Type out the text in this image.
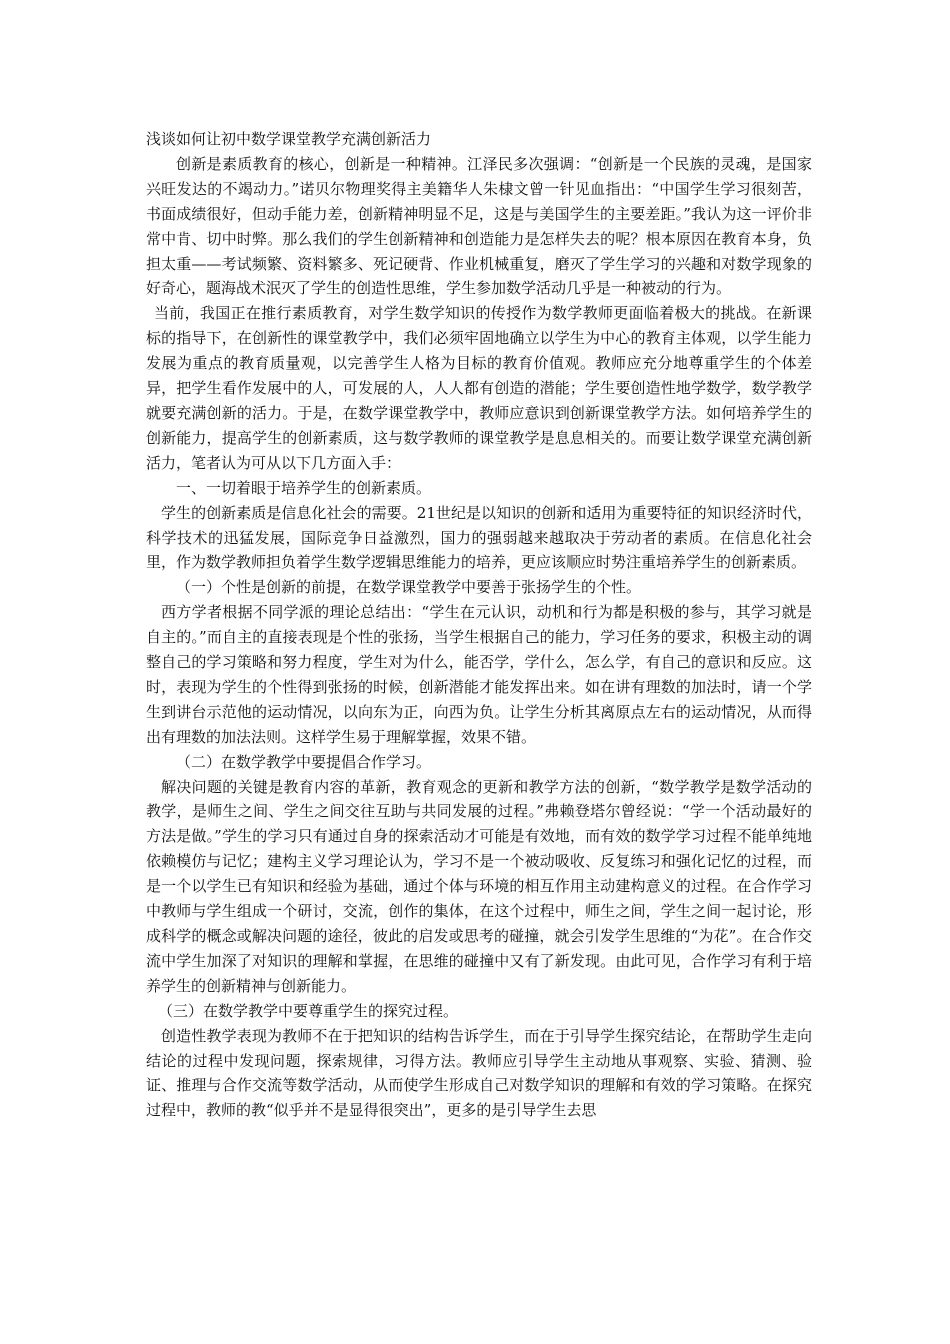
浅谈如何让初中数学课堂教学充满创新活力

创新是素质教育的核心，创新是一种精神。江泽民多次强调：“创新是一个民族的灵魂，是国家兴旺发达的不竭动力。”诺贝尔物理奖得主美籍华人朱棣文曾一针见血指出：“中国学生学习很刻苦，书面成绩很好，但动手能力差，创新精神明显不足，这是与美国学生的主要差距。”我认为这一评价非常中肯、切中时弊。那么我们的学生创新精神和创造能力是怎样失去的呢？根本原因在教育本身，负担太重——考试频繁、资料繁多、死记硬背、作业机械重复，磨灭了学生学习的兴趣和对数学现象的好奇心，题海战术泯灭了学生的创造性思维，学生参加数学活动几乎是一种被动的行为。

当前，我国正在推行素质教育，对学生数学知识的传授作为数学教师更面临着极大的挑战。在新课标的指导下，在创新性的课堂教学中，我们必须牢固地确立以学生为中心的教育主体观，以学生能力发展为重点的教育质量观，以完善学生人格为目标的教育价值观。教师应充分地尊重学生的个体差异，把学生看作发展中的人，可发展的人，人人都有创造的潜能；学生要创造性地学数学，数学教学就要充满创新的活力。于是，在数学课堂教学中，教师应意识到创新课堂教学方法。如何培养学生的创新能力，提高学生的创新素质，这与数学教师的课堂教学是息息相关的。而要让数学课堂充满创新活力，笔者认为可从以下几方面入手：

一、一切着眼于培养学生的创新素质。

学生的创新素质是信息化社会的需要。21世纪是以知识的创新和适用为重要特征的知识经济时代，科学技术的迅猛发展，国际竞争日益激烈，国力的强弱越来越取决于劳动者的素质。在信息化社会里，作为数学教师担负着学生数学逻辑思维能力的培养，更应该顺应时势注重培养学生的创新素质。

（一）个性是创新的前提，在数学课堂教学中要善于张扬学生的个性。

西方学者根据不同学派的理论总结出：“学生在元认识，动机和行为都是积极的参与，其学习就是自主的。”而自主的直接表现是个性的张扬，当学生根据自己的能力，学习任务的要求，积极主动的调整自己的学习策略和努力程度，学生对为什么，能否学，学什么，怎么学，有自己的意识和反应。这时，表现为学生的个性得到张扬的时候，创新潜能才能发挥出来。如在讲有理数的加法时，请一个学生到讲台示范他的运动情况，以向东为正，向西为负。让学生分析其离原点左右的运动情况，从而得出有理数的加法法则。这样学生易于理解掌握，效果不错。

（二）在数学教学中要提倡合作学习。

解决问题的关键是教育内容的革新，教育观念的更新和教学方法的创新，“数学教学是数学活动的教学，是师生之间、学生之间交往互助与共同发展的过程。”弗赖登塔尔曾经说：“学一个活动最好的方法是做。”学生的学习只有通过自身的探索活动才可能是有效地，而有效的数学学习过程不能单纯地依赖模仿与记忆；建构主义学习理论认为，学习不是一个被动吸收、反复练习和强化记忆的过程，而是一个以学生已有知识和经验为基础，通过个体与环境的相互作用主动建构意义的过程。在合作学习中教师与学生组成一个研讨，交流，创作的集体，在这个过程中，师生之间，学生之间一起讨论，形成科学的概念或解决问题的途径，彼此的启发或思考的碰撞，就会引发学生思维的“为花”。在合作交流中学生加深了对知识的理解和掌握，在思维的碰撞中又有了新发现。由此可见，合作学习有利于培养学生的创新精神与创新能力。

（三）在数学教学中要尊重学生的探究过程。

创造性教学表现为教师不在于把知识的结构告诉学生，而在于引导学生探究结论，在帮助学生走向结论的过程中发现问题，探索规律，习得方法。教师应引导学生主动地从事观察、实验、猜测、验证、推理与合作交流等数学活动，从而使学生形成自己对数学知识的理解和有效的学习策略。在探究过程中，教师的教“似乎并不是显得很突出”，更多的是引导学生去思
